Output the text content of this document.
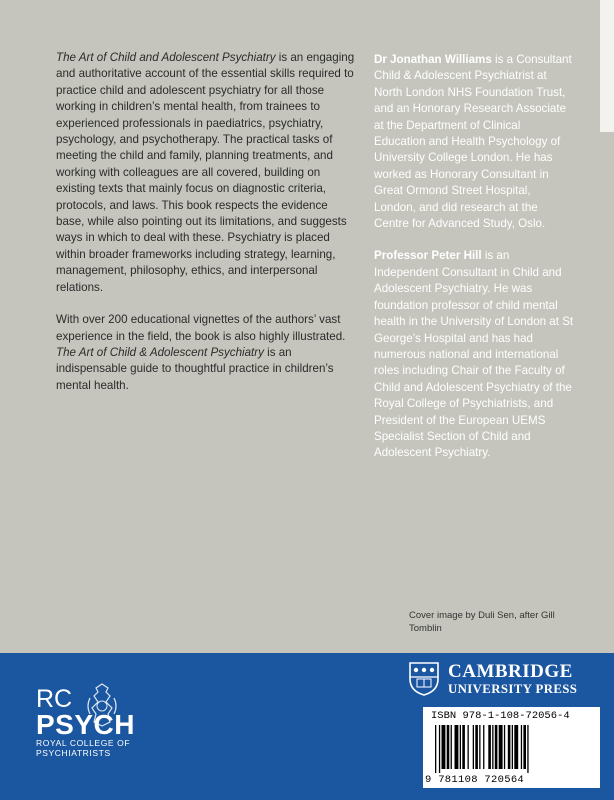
The Art of Child and Adolescent Psychiatry is an engaging and authoritative account of the essential skills required to practice child and adolescent psychiatry for all those working in children’s mental health, from trainees to experienced professionals in paediatrics, psychiatry, psychology, and psychotherapy. The practical tasks of meeting the child and family, planning treatments, and working with colleagues are all covered, building on existing texts that mainly focus on diagnostic criteria, protocols, and laws. This book respects the evidence base, while also pointing out its limitations, and suggests ways in which to deal with these. Psychiatry is placed within broader frameworks including strategy, learning, management, philosophy, ethics, and interpersonal relations.

With over 200 educational vignettes of the authors’ vast experience in the field, the book is also highly illustrated. The Art of Child & Adolescent Psychiatry is an indispensable guide to thoughtful practice in children’s mental health.

Dr Jonathan Williams is a Consultant Child & Adolescent Psychiatrist at North London NHS Foundation Trust, and an Honorary Research Associate at the Department of Clinical Education and Health Psychology of University College London. He has worked as Honorary Consultant in Great Ormond Street Hospital, London, and did research at the Centre for Advanced Study, Oslo.

Professor Peter Hill is an Independent Consultant in Child and Adolescent Psychiatry. He was foundation professor of child mental health in the University of London at St George’s Hospital and has had numerous national and international roles including Chair of the Faculty of Child and Adolescent Psychiatry of the Royal College of Psychiatrists, and President of the European UEMS Specialist Section of Child and Adolescent Psychiatry.

Cover image by Duli Sen, after Gill Tomblin
RC
PSYCH
ROYAL COLLEGE OF
PSYCHIATRISTS
CAMBRIDGE
UNIVERSITY PRESS
ISBN 978-1-108-72056-4
9 781108 720564
